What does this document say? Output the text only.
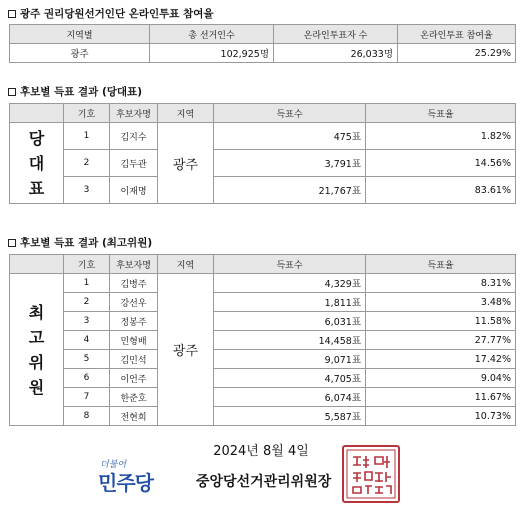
광주 권리당원선거인단 온라인투표 참여율
지역별	총 선거인수	온라인투표자 수	온라인투표 참여율
광주	102,925명	26,033명	25.29%
후보별 득표 결과 (당대표)
	기호	후보자명	지역	득표수	득표율

당
대
표	1	김지수	광주	475표	1.82%
	2	김두관		3,791표	14.56%
	3	이재명		21,767표	83.61%
후보별 득표 결과 (최고위원)
	기호	후보자명	지역	득표수	득표율

최
고
위
원	1	김병주	광주	4,329표	8.31%
	2	강선우		1,811표	3.48%
	3	정봉주		6,031표	11.58%
	4	민형배		14,458표	27.77%
	5	김민석		9,071표	17.42%
	6	이언주		4,705표	9.04%
	7	한준호		6,074표	11.67%
	8	전현희		5,587표	10.73%
2024년 8월 4일
더불어
민주당	중앙당선거관리위원장
